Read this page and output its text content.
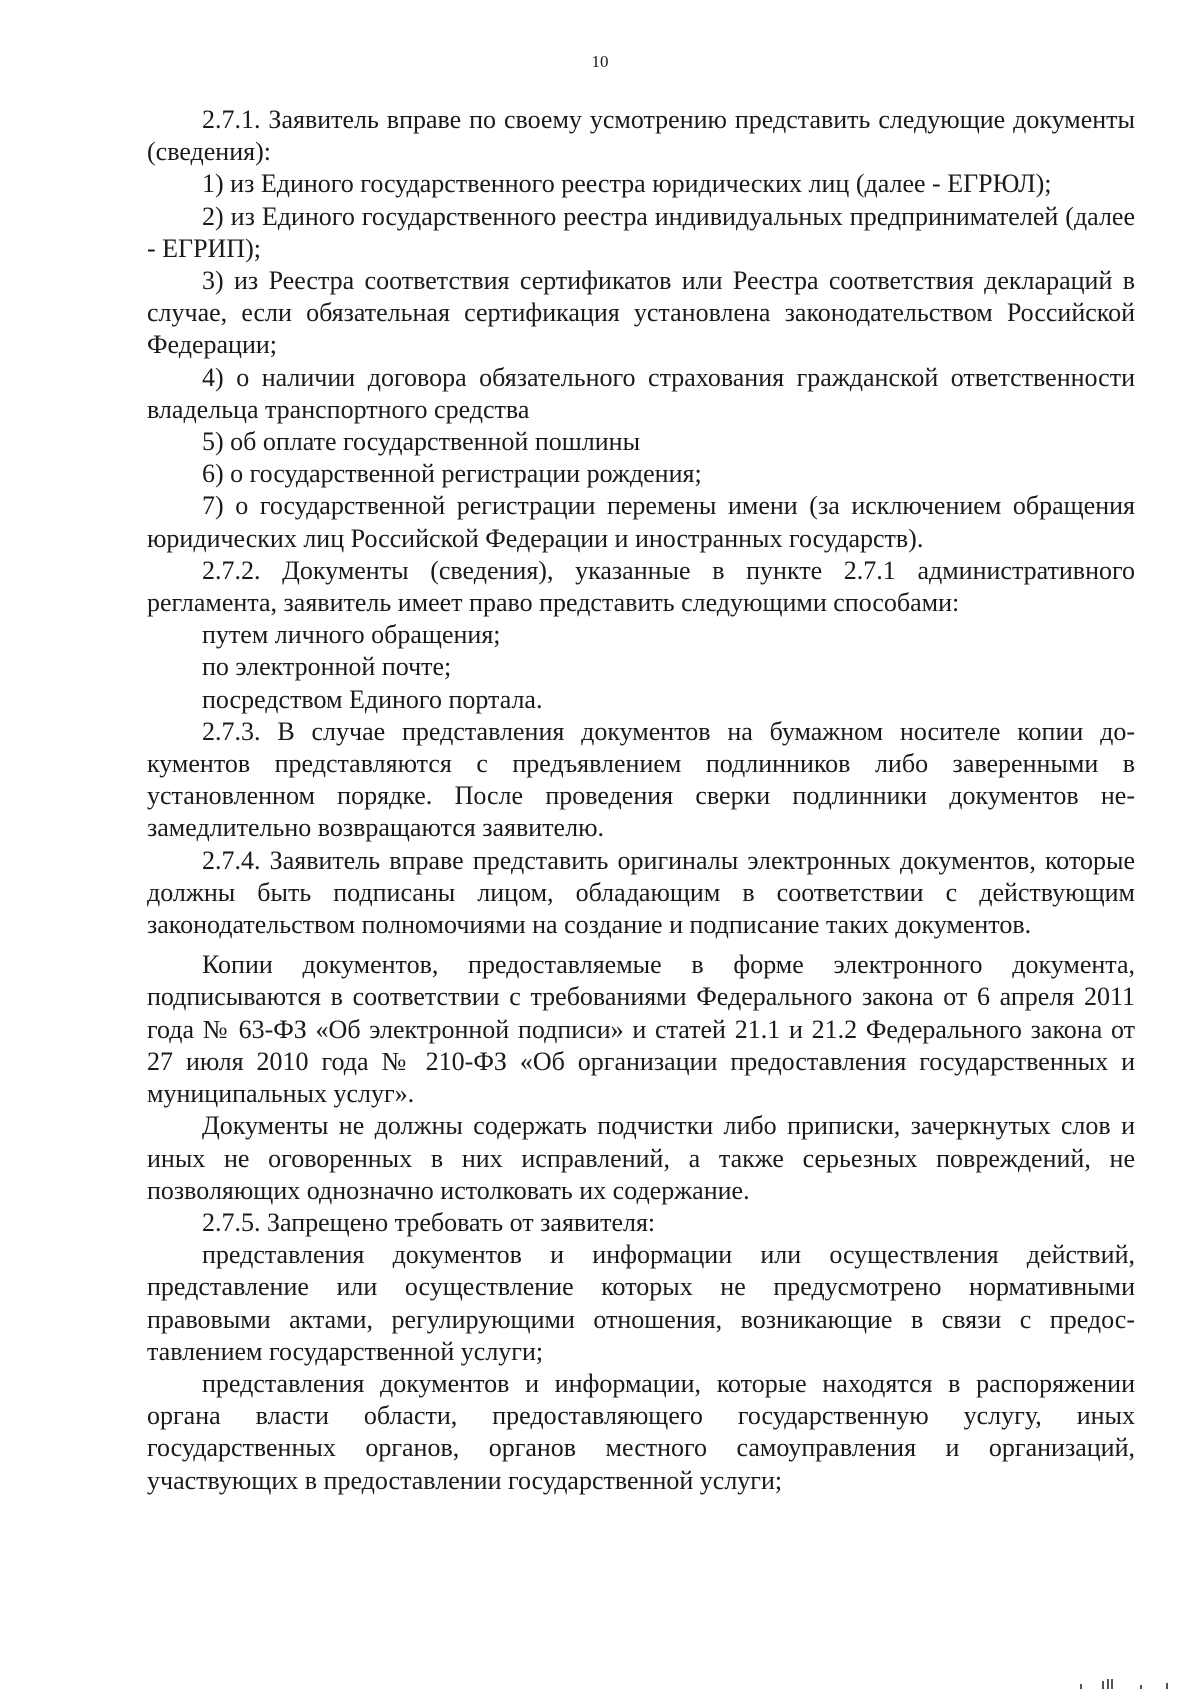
10

2.7.1. Заявитель вправе по своему усмотрению представить следующие документы (сведения):

1) из Единого государственного реестра юридических лиц (далее - ЕГРЮЛ);

2) из Единого государственного реестра индивидуальных предпринимателей (далее - ЕГРИП);

3) из Реестра соответствия сертификатов или Реестра соответствия деклараций в случае, если обязательная сертификация установлена законодательством Российской Федерации;

4) о наличии договора обязательного страхования гражданской ответственности владельца транспортного средства

5) об оплате государственной пошлины

6) о государственной регистрации рождения;

7) о государственной регистрации перемены имени (за исключением обращения юридических лиц Российской Федерации и иностранных государств).

2.7.2. Документы (сведения), указанные в пункте 2.7.1 административного регламента, заявитель имеет право представить следующими способами:

путем личного обращения;

по электронной почте;

посредством Единого портала.

2.7.3. В случае представления документов на бумажном носителе копии документов представляются с предъявлением подлинников либо заверенными в установленном порядке. После проведения сверки подлинники документов незамедлительно возвращаются заявителю.

2.7.4. Заявитель вправе представить оригиналы электронных документов, которые должны быть подписаны лицом, обладающим в соответствии с действующим законодательством полномочиями на создание и подписание таких документов.

Копии документов, предоставляемые в форме электронного документа, подписываются в соответствии с требованиями Федерального закона от 6 апреля 2011 года № 63-ФЗ «Об электронной подписи» и статей 21.1 и 21.2 Федерального закона от 27 июля 2010 года № 210-ФЗ «Об организации предоставления государственных и муниципальных услуг».

Документы не должны содержать подчистки либо приписки, зачеркнутых слов и иных не оговоренных в них исправлений, а также серьезных повреждений, не позволяющих однозначно истолковать их содержание.

2.7.5. Запрещено требовать от заявителя:

представления документов и информации или осуществления действий, представление или осуществление которых не предусмотрено нормативными правовыми актами, регулирующими отношения, возникающие в связи с предоставлением государственной услуги;

представления документов и информации, которые находятся в распоряжении органа власти области, предоставляющего государственную услугу, иных государственных органов, органов местного самоуправления и организаций, участвующих в предоставлении государственной услуги;
